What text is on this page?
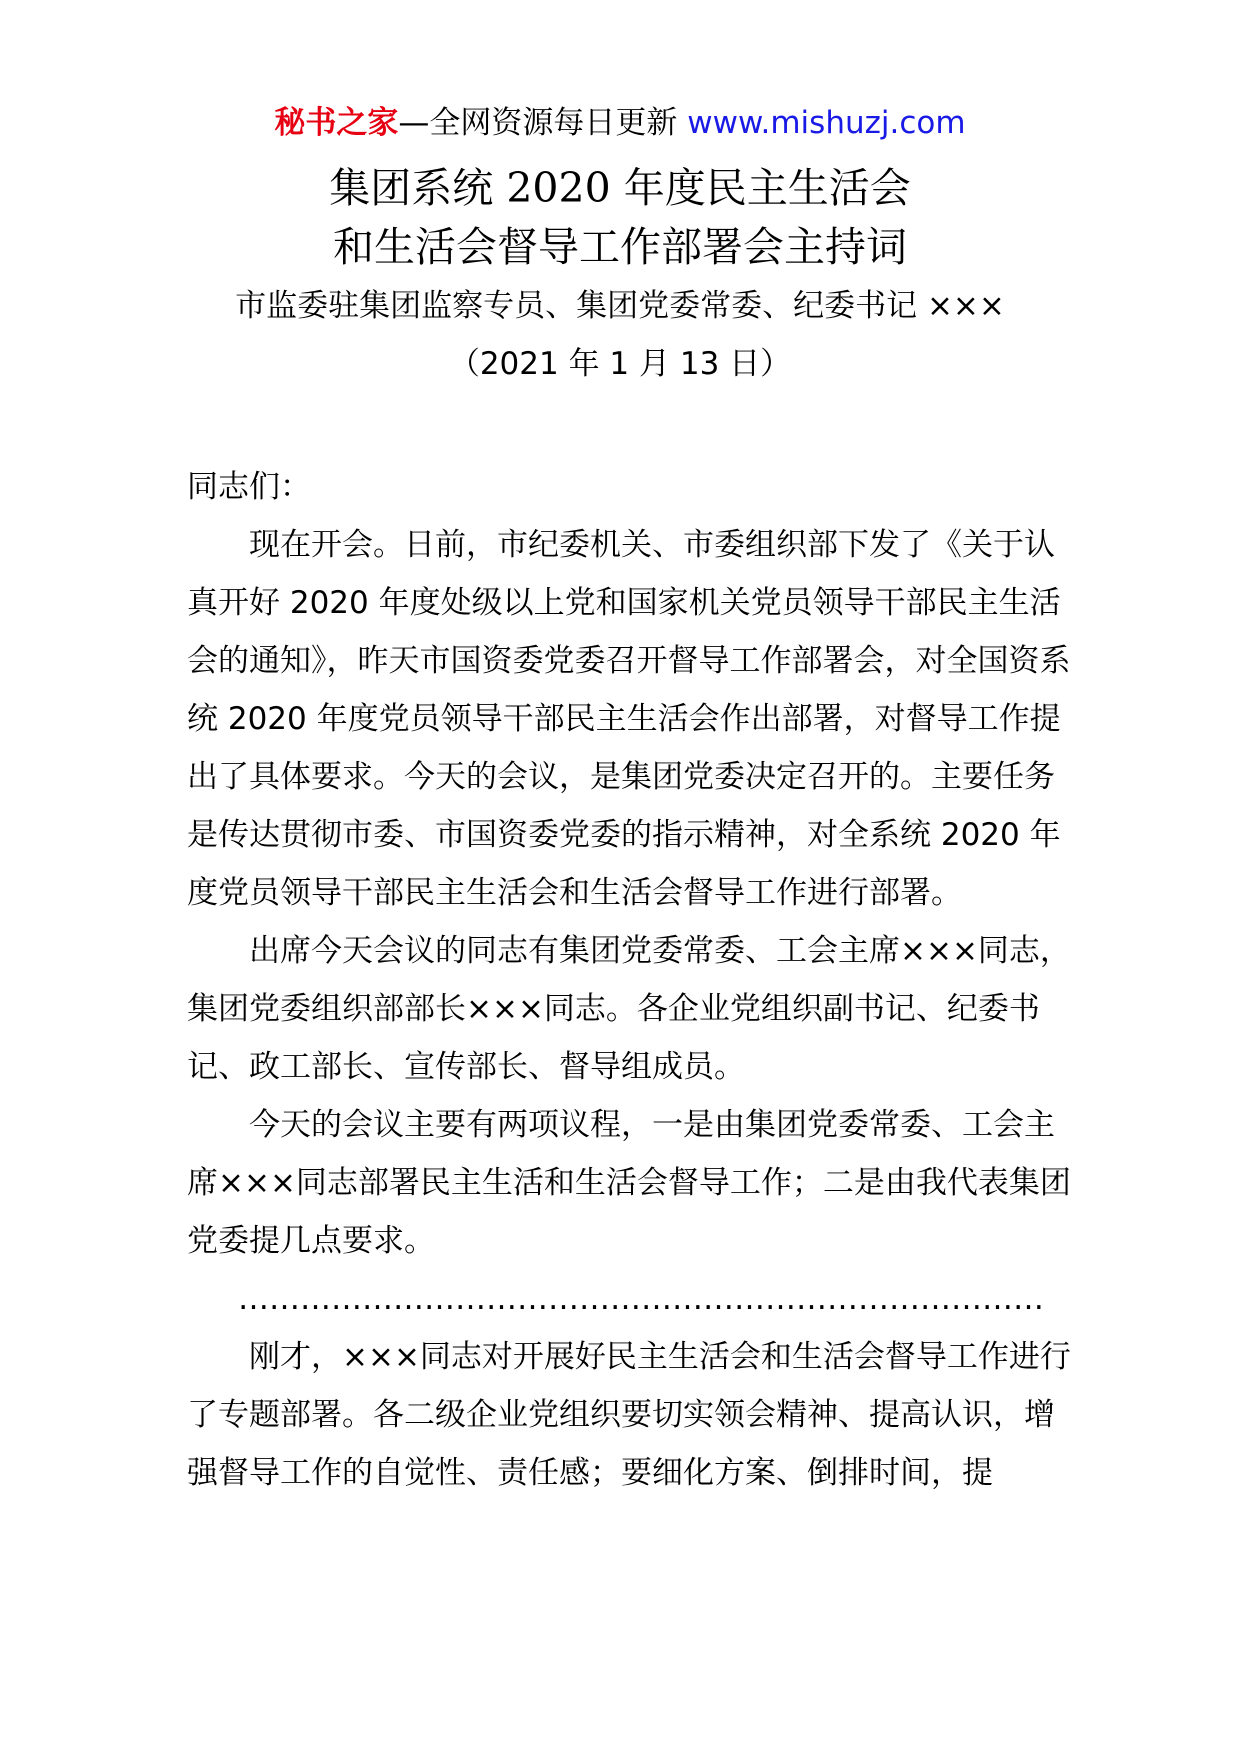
秘书之家—全网资源每日更新 www.mishuzj.com
集团系统 2020 年度民主生活会
和生活会督导工作部署会主持词
市监委驻集团监察专员、集团党委常委、纪委书记 ×××
（2021 年 1 月 13 日）

同志们：

现在开会。日前，市纪委机关、市委组织部下发了《关于认真开好 2020 年度处级以上党和国家机关党员领导干部民主生活会的通知》，昨天市国资委党委召开督导工作部署会，对全国资系统 2020 年度党员领导干部民主生活会作出部署，对督导工作提出了具体要求。今天的会议，是集团党委决定召开的。主要任务是传达贯彻市委、市国资委党委的指示精神，对全系统 2020 年度党员领导干部民主生活会和生活会督导工作进行部署。

出席今天会议的同志有集团党委常委、工会主席×××同志，集团党委组织部部长×××同志。各企业党组织副书记、纪委书记、政工部长、宣传部长、督导组成员。

今天的会议主要有两项议程，一是由集团党委常委、工会主席×××同志部署民主生活和生活会督导工作；二是由我代表集团党委提几点要求。

……………………………………………………………………

刚才，×××同志对开展好民主生活会和生活会督导工作进行了专题部署。各二级企业党组织要切实领会精神、提高认识，增强督导工作的自觉性、责任感；要细化方案、倒排时间，提
